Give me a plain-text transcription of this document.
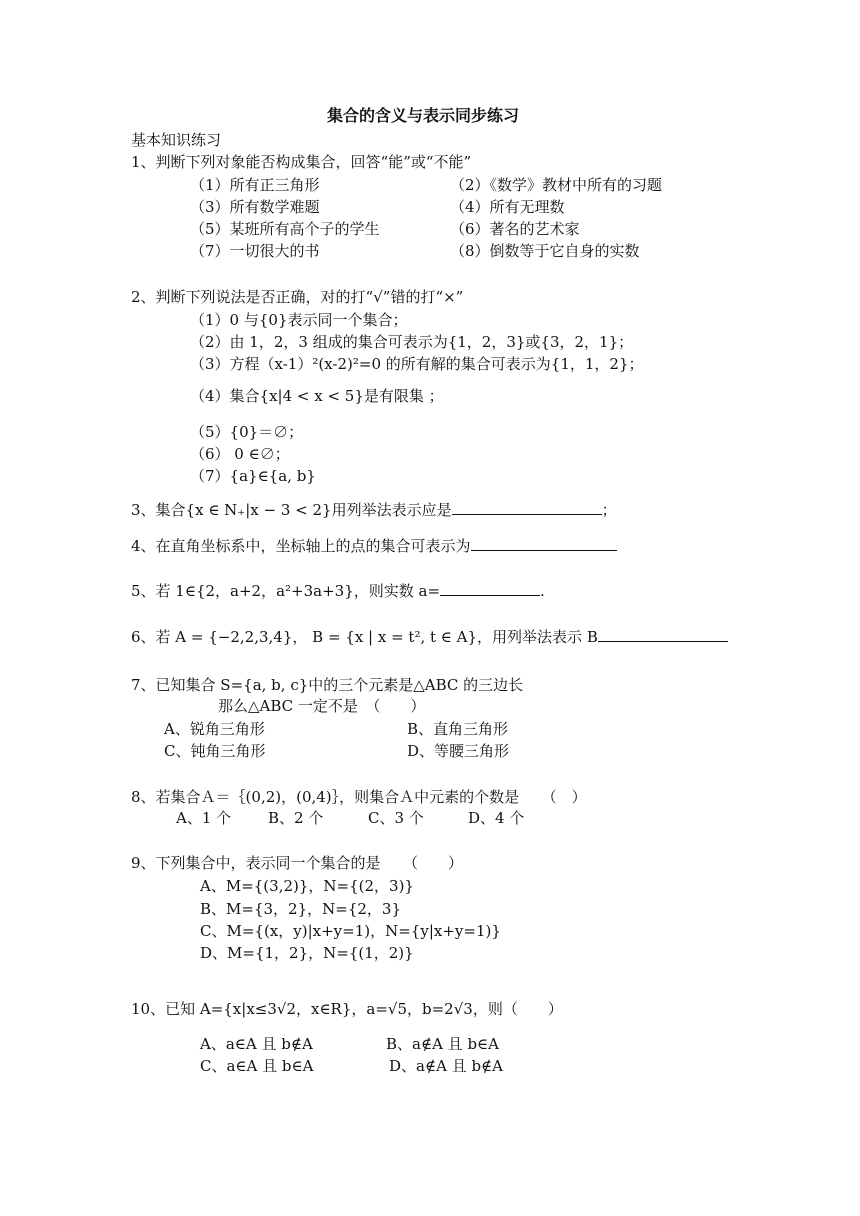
集合的含义与表示同步练习
基本知识练习
1、判断下列对象能否构成集合，回答“能”或“不能”
（1）所有正三角形	（2）《数学》教材中所有的习题
（3）所有数学难题	（4）所有无理数
（5）某班所有高个子的学生	（6）著名的艺术家
（7）一切很大的书	（8）倒数等于它自身的实数
2、判断下列说法是否正确，对的打“√”错的打“×”
（1）0 与{0}表示同一个集合；
（2）由 1，2，3 组成的集合可表示为{1，2，3}或{3，2，1}；
（3）方程（x-1）²(x-2)²=0 的所有解的集合可表示为{1，1，2}；
（4）集合{x|4 < x < 5}是有限集 ；
（5）{0}＝∅；
（6） 0 ∈∅；
（7）{a}∈{a, b}
3、集合{x ∈ N₊|x − 3 < 2}用列举法表示应是	；
4、在直角坐标系中，坐标轴上的点的集合可表示为
5、若 1∈{2，a+2，a²+3a+3}，则实数 a=	.
6、若 A = {−2,2,3,4}， B = {x | x = t², t ∈ A}，用列举法表示 B
7、已知集合 S={a, b, c}中的三个元素是△ABC 的三边长
那么△ABC 一定不是　（　　）
A、锐角三角形	B、直角三角形
C、钝角三角形	D、等腰三角形
8、若集合Ａ＝｛(0,2)，(0,4)｝，则集合Ａ中元素的个数是　　（　）
A、1 个 B、2 个	C、3 个	D、4 个
9、下列集合中，表示同一个集合的是　　（　　）
A、M={(3,2)}，N={(2，3)}
B、M={3，2}，N={2，3}
C、M={(x，y)|x+y=1)，N={y|x+y=1)}
D、M={1，2}，N={(1，2)}
10、已知 A={x|x≤3√2，x∈R}，a=√5，b=2√3，则（　　）
A、a∈A 且 b∉A	B、a∉A 且 b∈A
C、a∈A 且 b∈A	D、a∉A 且 b∉A
